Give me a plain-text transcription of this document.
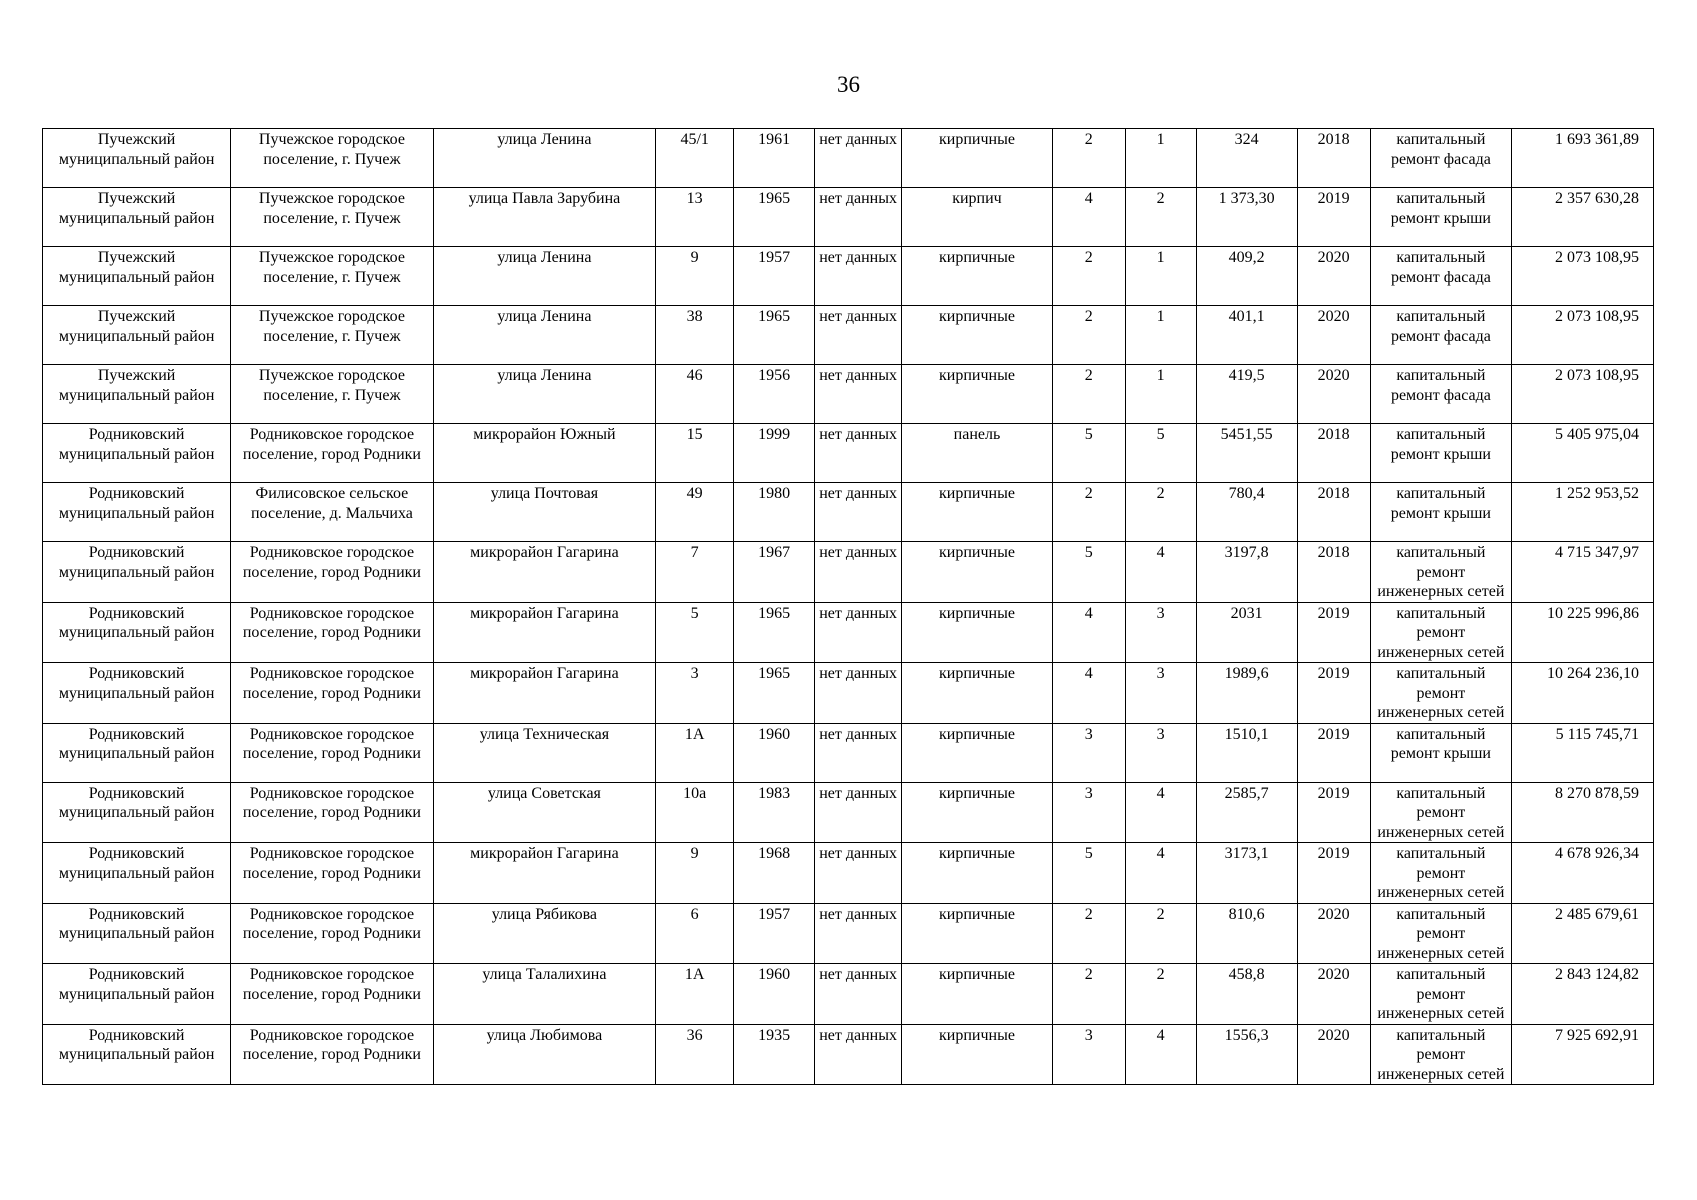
36
Пучежский муниципальный район	Пучежское городское поселение, г. Пучеж	улица Ленина	45/1	1961	нет данных	кирпичные	2	1	324	2018	капитальный ремонт фасада	1 693 361,89
Пучежский муниципальный район	Пучежское городское поселение, г. Пучеж	улица Павла Зарубина	13	1965	нет данных	кирпич	4	2	1 373,30	2019	капитальный ремонт крыши	2 357 630,28
Пучежский муниципальный район	Пучежское городское поселение, г. Пучеж	улица Ленина	9	1957	нет данных	кирпичные	2	1	409,2	2020	капитальный ремонт фасада	2 073 108,95
Пучежский муниципальный район	Пучежское городское поселение, г. Пучеж	улица Ленина	38	1965	нет данных	кирпичные	2	1	401,1	2020	капитальный ремонт фасада	2 073 108,95
Пучежский муниципальный район	Пучежское городское поселение, г. Пучеж	улица Ленина	46	1956	нет данных	кирпичные	2	1	419,5	2020	капитальный ремонт фасада	2 073 108,95
Родниковский муниципальный район	Родниковское городское поселение, город Родники	микрорайон Южный	15	1999	нет данных	панель	5	5	5451,55	2018	капитальный ремонт крыши	5 405 975,04
Родниковский муниципальный район	Филисовское сельское поселение, д. Мальчиха	улица Почтовая	49	1980	нет данных	кирпичные	2	2	780,4	2018	капитальный ремонт крыши	1 252 953,52
Родниковский муниципальный район	Родниковское городское поселение, город Родники	микрорайон Гагарина	7	1967	нет данных	кирпичные	5	4	3197,8	2018	капитальный ремонт инженерных сетей	4 715 347,97
Родниковский муниципальный район	Родниковское городское поселение, город Родники	микрорайон Гагарина	5	1965	нет данных	кирпичные	4	3	2031	2019	капитальный ремонт инженерных сетей	10 225 996,86
Родниковский муниципальный район	Родниковское городское поселение, город Родники	микрорайон Гагарина	3	1965	нет данных	кирпичные	4	3	1989,6	2019	капитальный ремонт инженерных сетей	10 264 236,10
Родниковский муниципальный район	Родниковское городское поселение, город Родники	улица Техническая	1А	1960	нет данных	кирпичные	3	3	1510,1	2019	капитальный ремонт крыши	5 115 745,71
Родниковский муниципальный район	Родниковское городское поселение, город Родники	улица Советская	10а	1983	нет данных	кирпичные	3	4	2585,7	2019	капитальный ремонт инженерных сетей	8 270 878,59
Родниковский муниципальный район	Родниковское городское поселение, город Родники	микрорайон Гагарина	9	1968	нет данных	кирпичные	5	4	3173,1	2019	капитальный ремонт инженерных сетей	4 678 926,34
Родниковский муниципальный район	Родниковское городское поселение, город Родники	улица Рябикова	6	1957	нет данных	кирпичные	2	2	810,6	2020	капитальный ремонт инженерных сетей	2 485 679,61
Родниковский муниципальный район	Родниковское городское поселение, город Родники	улица Талалихина	1А	1960	нет данных	кирпичные	2	2	458,8	2020	капитальный ремонт инженерных сетей	2 843 124,82
Родниковский муниципальный район	Родниковское городское поселение, город Родники	улица Любимова	36	1935	нет данных	кирпичные	3	4	1556,3	2020	капитальный ремонт инженерных сетей	7 925 692,91
